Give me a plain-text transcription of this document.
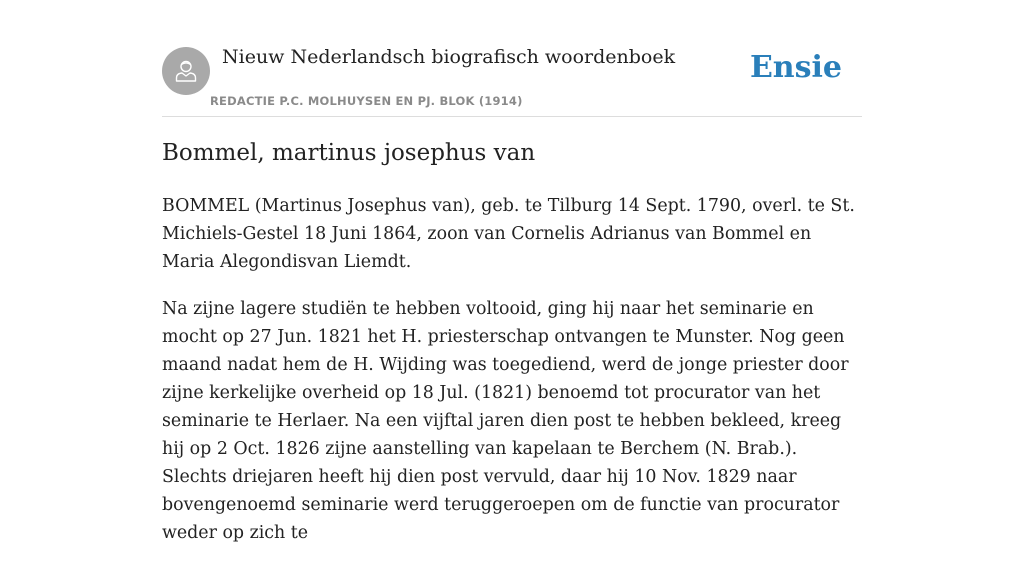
Nieuw Nederlandsch biografisch woordenboek
REDACTIE P.C. MOLHUYSEN EN PJ. BLOK (1914)
Ensie
Bommel, martinus josephus van

BOMMEL (Martinus Josephus van), geb. te Tilburg 14 Sept. 1790, overl. te St. Michiels-Gestel 18 Juni 1864, zoon van Cornelis Adrianus van Bommel en Maria Alegondisvan Liemdt.

Na zijne lagere studiën te hebben voltooid, ging hij naar het seminarie en mocht op 27 Jun. 1821 het H. priesterschap ontvangen te Munster. Nog geen maand nadat hem de H. Wijding was toegediend, werd de jonge priester door zijne kerkelijke overheid op 18 Jul. (1821) benoemd tot procurator van het seminarie te Herlaer. Na een vijftal jaren dien post te hebben bekleed, kreeg hij op 2 Oct. 1826 zijne aanstelling van kapelaan te Berchem (N. Brab.). Slechts driejaren heeft hij dien post vervuld, daar hij 10 Nov. 1829 naar bovengenoemd seminarie werd teruggeroepen om de functie van procurator weder op zich te
